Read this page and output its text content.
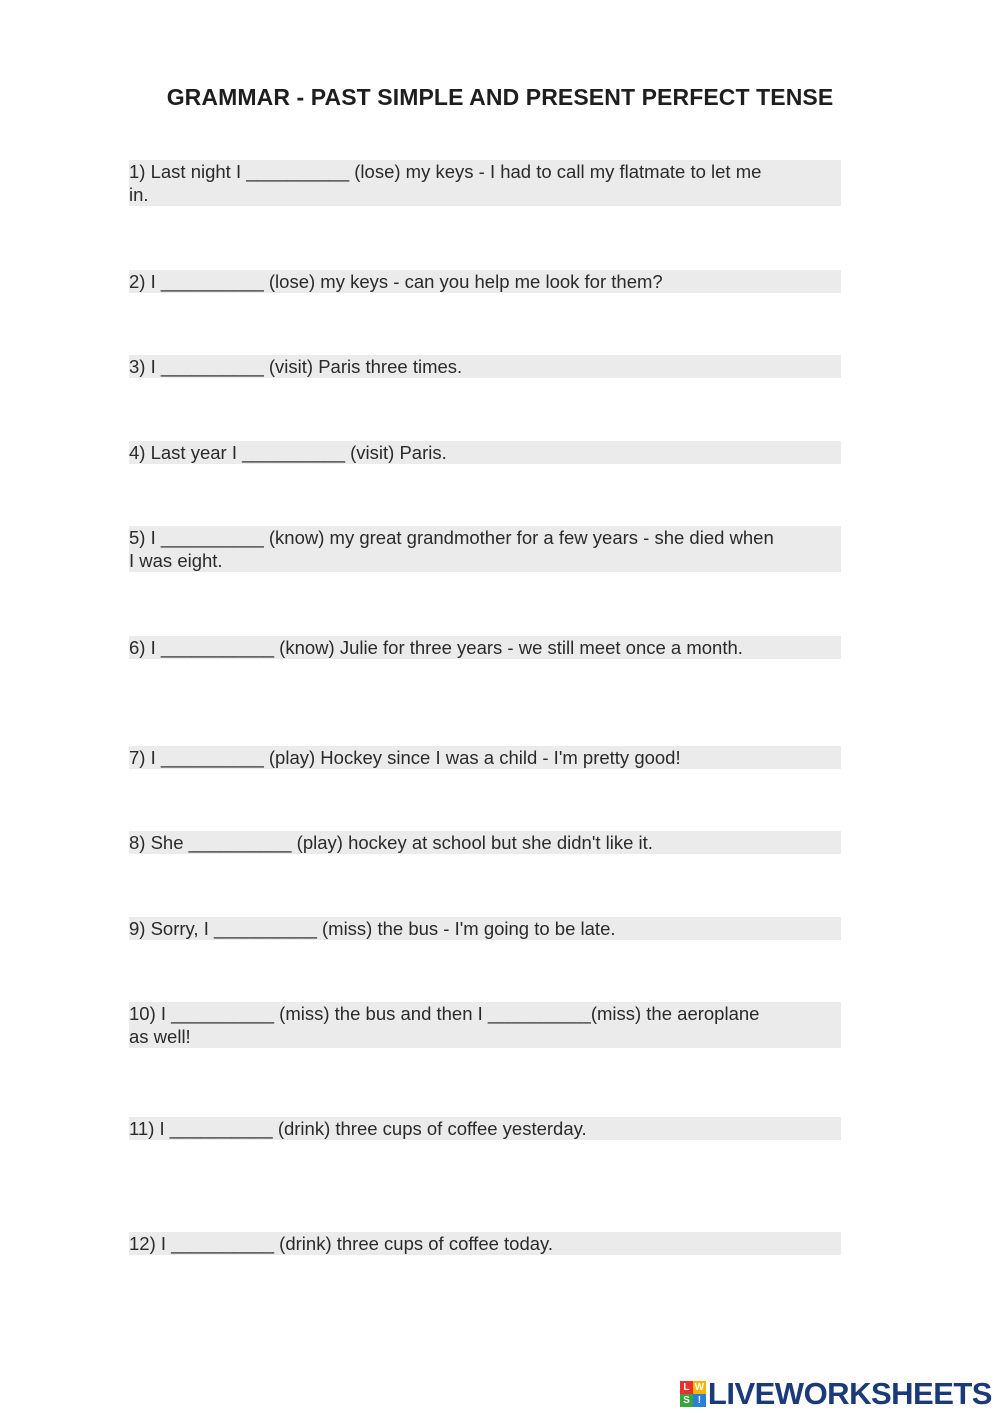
GRAMMAR - PAST SIMPLE AND PRESENT PERFECT TENSE
1) Last night I __________ (lose) my keys - I had to call my flatmate to let me
in.
2) I __________ (lose) my keys - can you help me look for them?
3) I __________ (visit) Paris three times.
4) Last year I __________ (visit) Paris.
5) I __________ (know) my great grandmother for a few years - she died when
I was eight.
6) I ___________ (know) Julie for three years - we still meet once a month.
7) I __________ (play) Hockey since I was a child - I'm pretty good!
8) She __________ (play) hockey at school but she didn't like it.
9) Sorry, I __________ (miss) the bus - I'm going to be late.
10) I __________ (miss) the bus and then I __________(miss) the aeroplane
as well!
11) I __________ (drink) three cups of coffee yesterday.
12) I __________ (drink) three cups of coffee today.
L W
S ! LIVEWORKSHEETS
